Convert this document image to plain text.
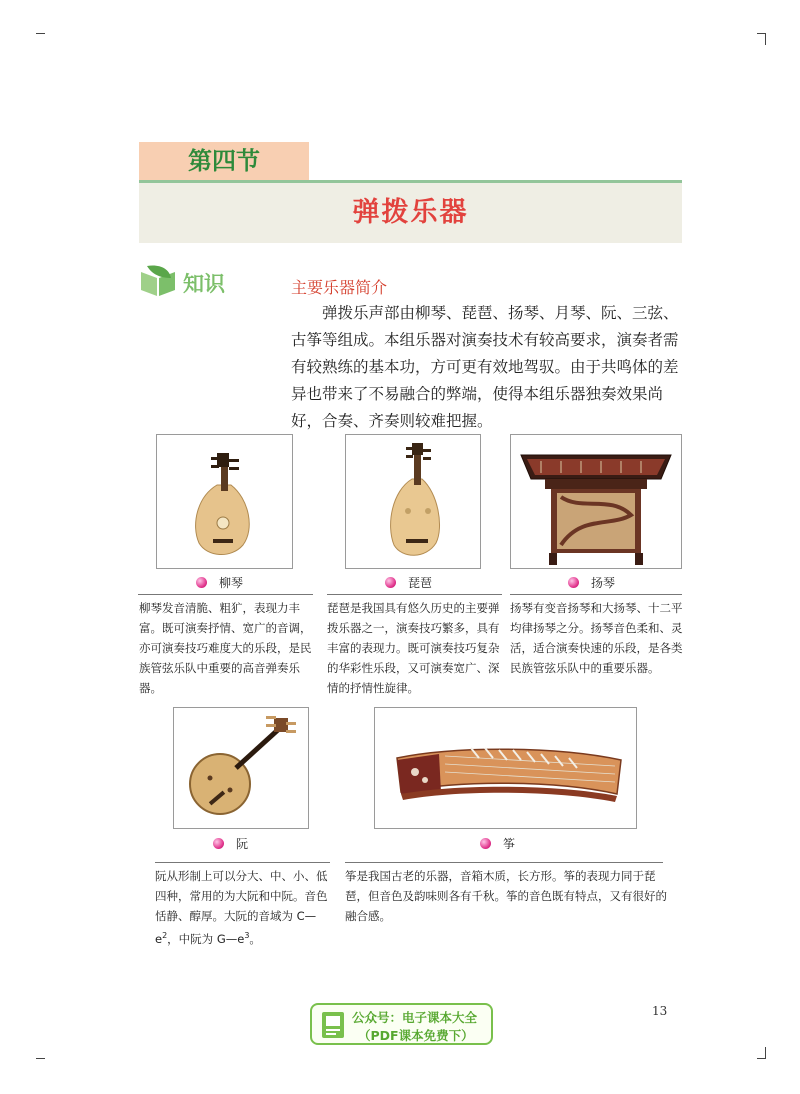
第四节
弹拨乐器
知识	主要乐器简介

弹拨乐声部由柳琴、琵琶、扬琴、月琴、阮、三弦、古筝等组成。本组乐器对演奏技术有较高要求，演奏者需有较熟练的基本功，方可更有效地驾驭。由于共鸣体的差异也带来了不易融合的弊端，使得本组乐器独奏效果尚好，合奏、齐奏则较难把握。

柳琴

柳琴发音清脆、粗犷，表现力丰富。既可演奏抒情、宽广的音调，亦可演奏技巧难度大的乐段，是民族管弦乐队中重要的高音弹奏乐器。

琵琶

琵琶是我国具有悠久历史的主要弹拨乐器之一，演奏技巧繁多，具有丰富的表现力。既可演奏技巧复杂的华彩性乐段，又可演奏宽广、深情的抒情性旋律。

扬琴

扬琴有变音扬琴和大扬琴、十二平均律扬琴之分。扬琴音色柔和、灵活，适合演奏快速的乐段，是各类民族管弦乐队中的重要乐器。

阮

阮从形制上可以分大、中、小、低四种，常用的为大阮和中阮。音色恬静、醇厚。大阮的音域为 $C—e^2$，中阮为 $G—e^3$。

筝

筝是我国古老的乐器，音箱木质，长方形。筝的表现力同于琵琶，但音色及韵味则各有千秋。筝的音色既有特点，又有很好的融合感。

公众号：电子课本大全
（PDF课本免费下）
13
